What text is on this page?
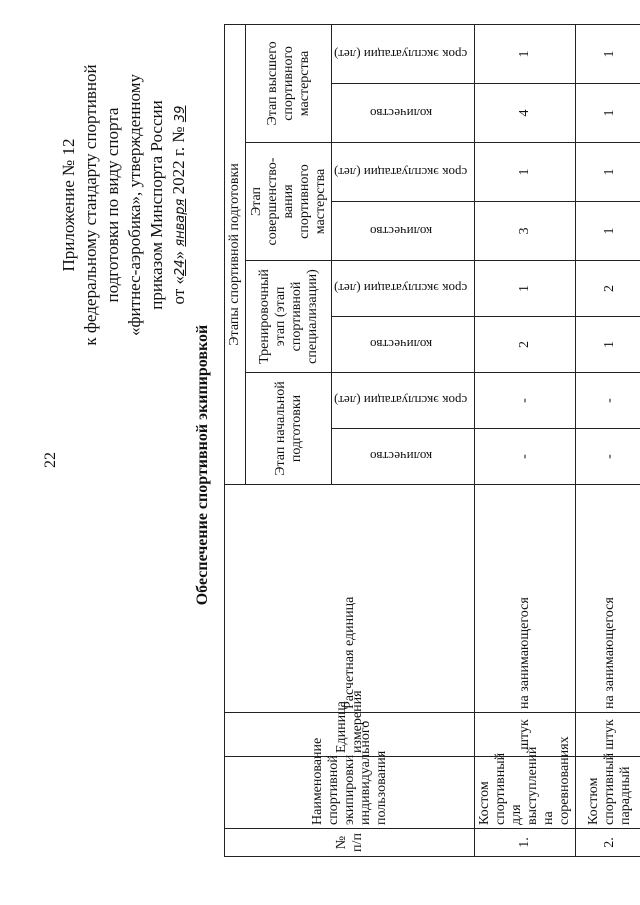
22
Приложение № 12 к федеральному стандарту спортивной подготовки по виду спорта «фитнес-аэробика», утвержденному приказом Минспорта России от «24» января 2022 г. № 39
Обеспечение спортивной экипировкой
№ п/п	Наименование спортивной экипировки индивидуального пользования	Единица измерения	Расчетная единица	Этапы спортивной подготовки							
				Этап начальной подготовки		Тренировочный этап (этап спортивной специализации)		Этап совершенство-вания спортивного мастерства		Этап высшего спортивного мастерства	
				количество	срок эксплуатации (лет)	количество	срок эксплуатации (лет)	количество	срок эксплуатации (лет)	количество	срок эксплуатации (лет)
1.	Костом спортивный для выступлений на соревнованиях	штук	на занимающегося	-	-	2	1	3	1	4	1
2.	Костюм спортивный парадный	штук	на занимающегося	-	-	1	2	1	1	1	1
